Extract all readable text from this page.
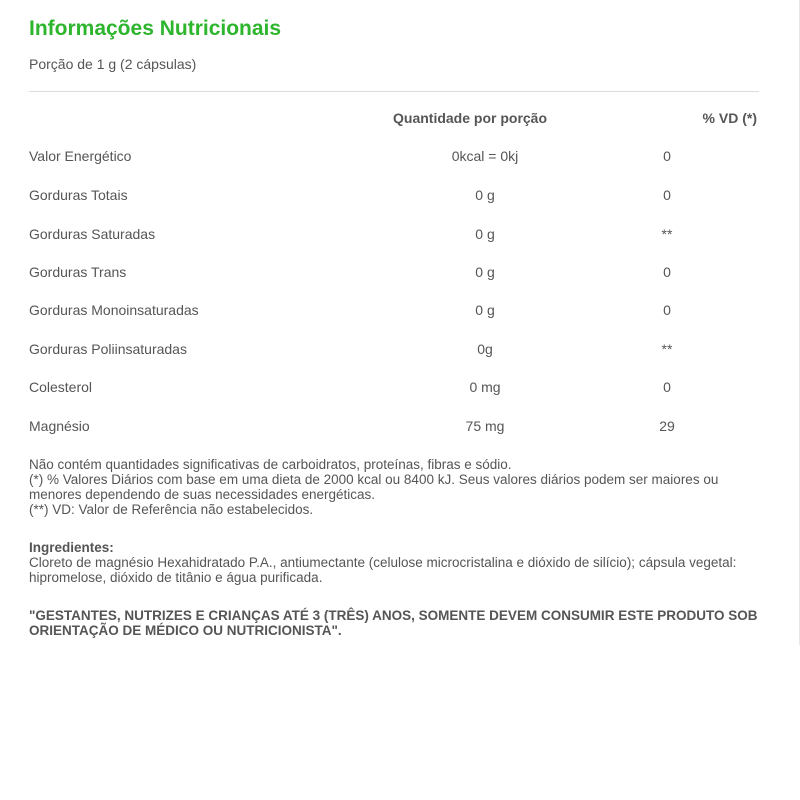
Informações Nutricionais
Porção de 1 g (2 cápsulas)
Quantidade por porção	% VD (*)
Valor Energético	0kcal = 0kj	0
Gorduras Totais	0 g	0
Gorduras Saturadas	0 g	**
Gorduras Trans	0 g	0
Gorduras Monoinsaturadas	0 g	0
Gorduras Poliinsaturadas	0g	**
Colesterol	0 mg	0
Magnésio	75 mg	29
Não contém quantidades significativas de carboidratos, proteínas, fibras e sódio.
(*) % Valores Diários com base em uma dieta de 2000 kcal ou 8400 kJ. Seus valores diários podem ser maiores ou menores dependendo de suas necessidades energéticas.
(**) VD: Valor de Referência não estabelecidos.
Ingredientes:
Cloreto de magnésio Hexahidratado P.A., antiumectante (celulose microcristalina e dióxido de silício); cápsula vegetal: hipromelose, dióxido de titânio e água purificada.
"GESTANTES, NUTRIZES E CRIANÇAS ATÉ 3 (TRÊS) ANOS, SOMENTE DEVEM CONSUMIR ESTE PRODUTO SOB ORIENTAÇÃO DE MÉDICO OU NUTRICIONISTA".
